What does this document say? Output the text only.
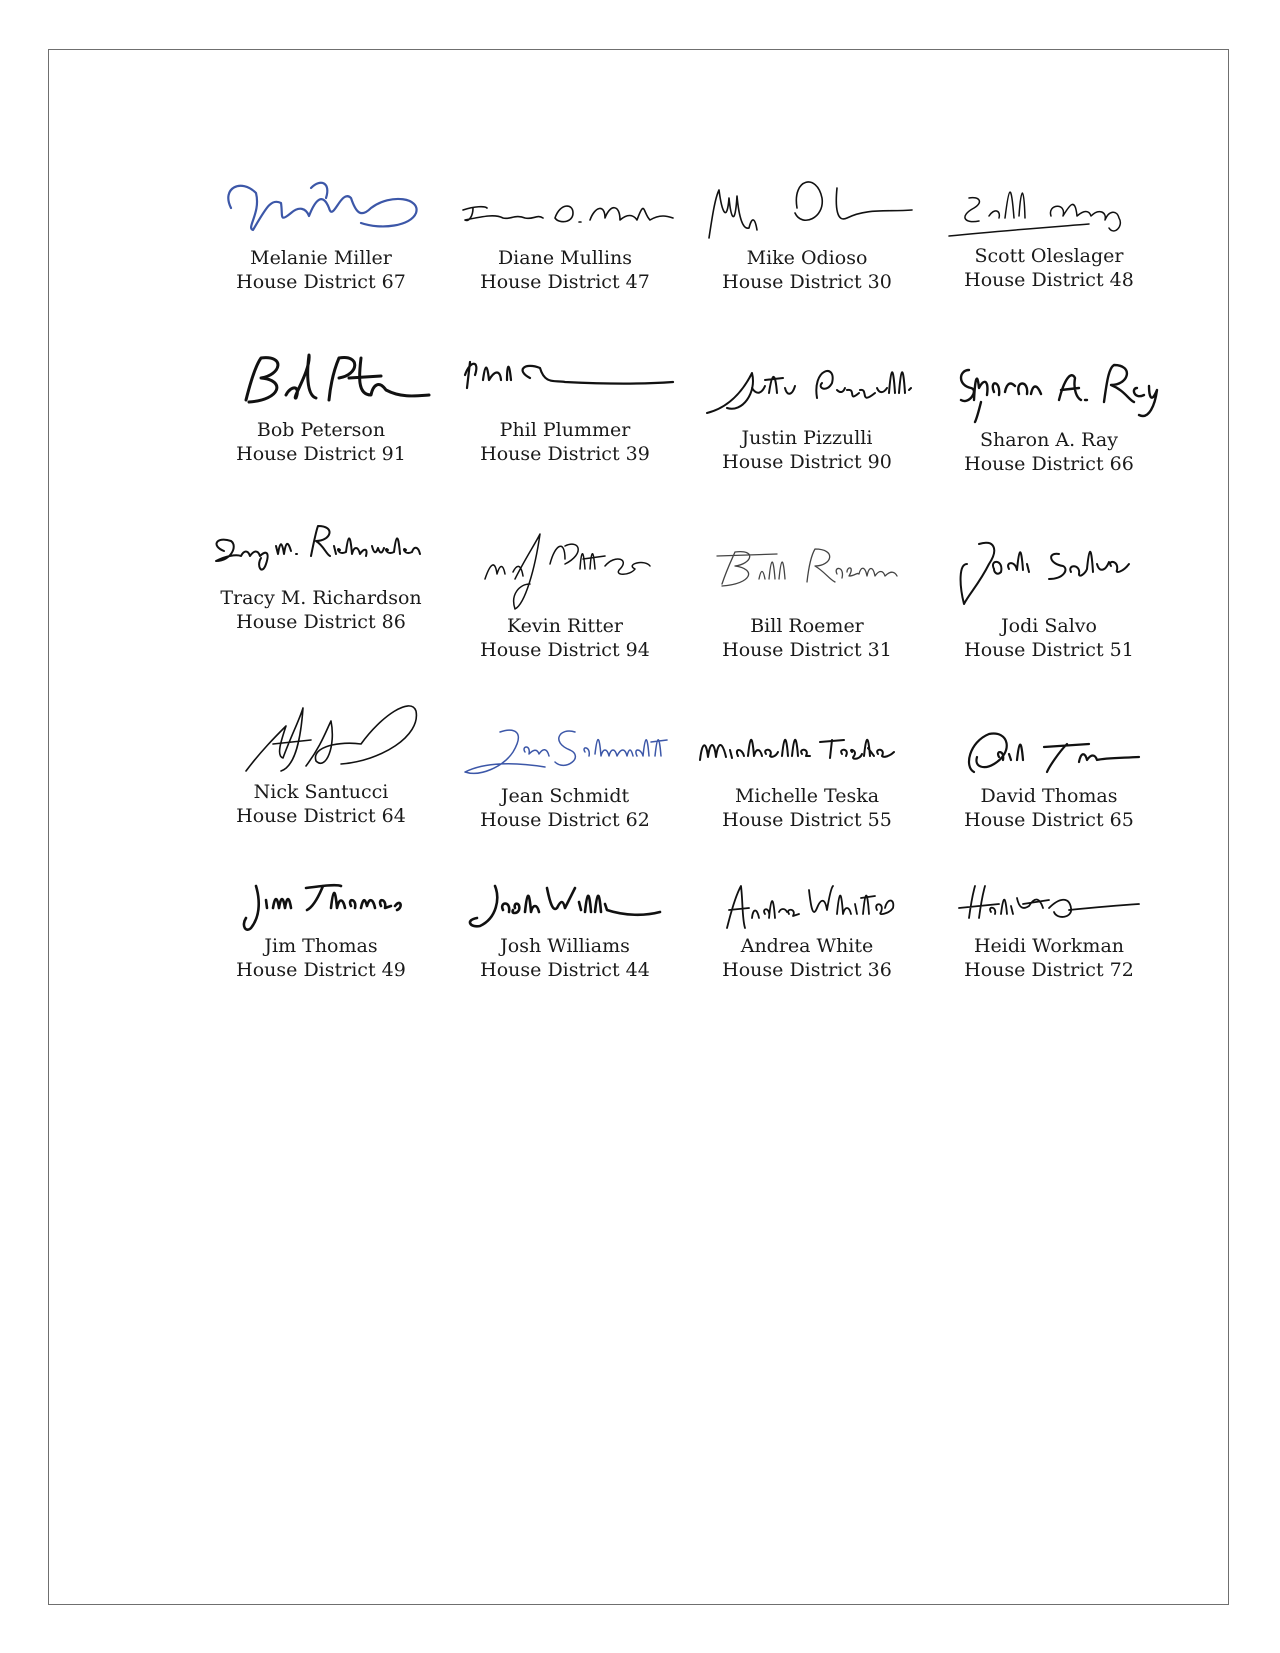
Melanie Miller
House District 67
Diane Mullins
House District 47
Mike Odioso
House District 30
Scott Oleslager
House District 48
Bob Peterson
House District 91
Phil Plummer
House District 39
Justin Pizzulli
House District 90
Sharon A. Ray
House District 66
Tracy M. Richardson
House District 86	Kevin Ritter
House District 94
Bill Roemer
House District 31
Jodi Salvo
House District 51
Nick Santucci
House District 64
Jean Schmidt
House District 62
Michelle Teska
House District 55
David Thomas
House District 65
Jim Thomas
House District 49
Josh Williams
House District 44
Andrea White
House District 36
Heidi Workman
House District 72
